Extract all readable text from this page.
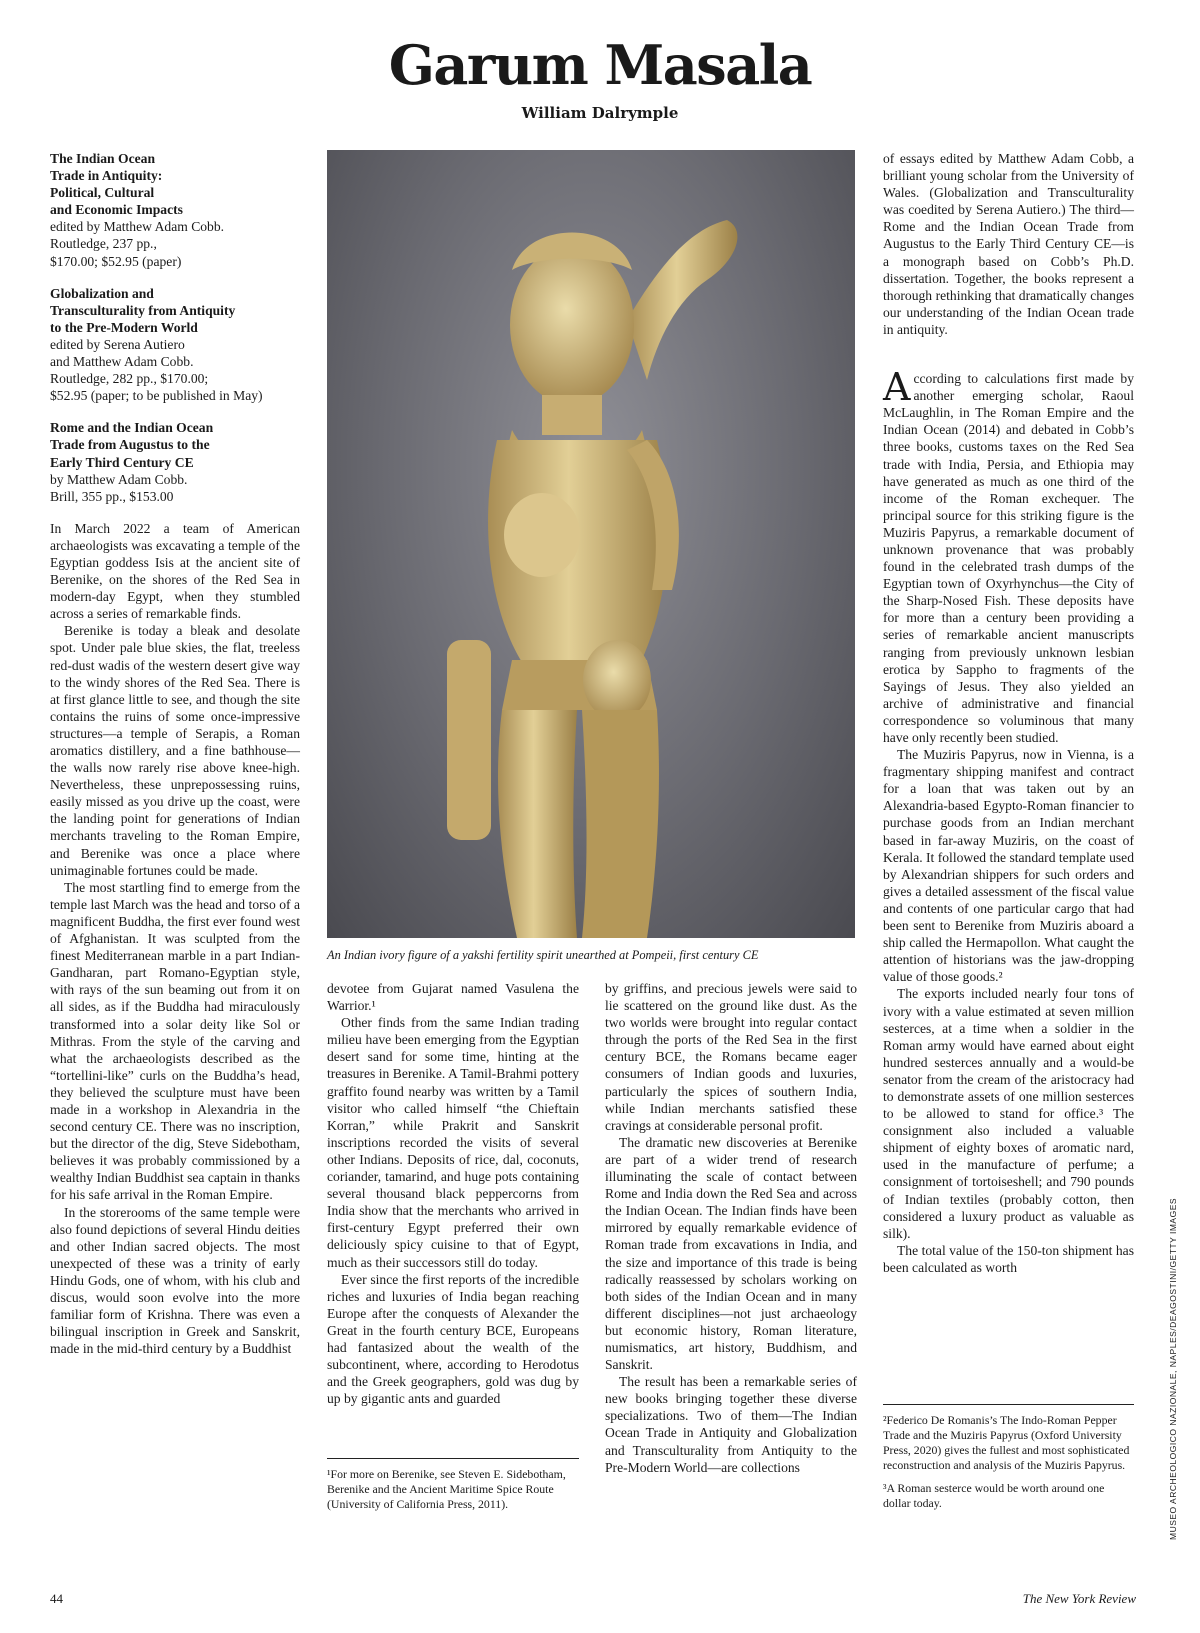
Garum Masala

William Dalrymple

The Indian Ocean
Trade in Antiquity:
Political, Cultural
and Economic Impacts
edited by Matthew Adam Cobb.
Routledge, 237 pp.,
$170.00; $52.95 (paper)
Globalization and
Transculturality from Antiquity
to the Pre-Modern World
edited by Serena Autiero
and Matthew Adam Cobb.
Routledge, 282 pp., $170.00;
$52.95 (paper; to be published in May)
Rome and the Indian Ocean
Trade from Augustus to the
Early Third Century CE
by Matthew Adam Cobb.
Brill, 355 pp., $153.00

In March 2022 a team of American archaeologists was excavating a temple of the Egyptian goddess Isis at the ancient site of Berenike, on the shores of the Red Sea in modern-day Egypt, when they stumbled across a series of remarkable finds.

Berenike is today a bleak and desolate spot. Under pale blue skies, the flat, treeless red-dust wadis of the western desert give way to the windy shores of the Red Sea. There is at first glance little to see, and though the site contains the ruins of some once-impressive structures—a temple of Serapis, a Roman aromatics distillery, and a fine bathhouse—the walls now rarely rise above knee-high. Nevertheless, these unprepossessing ruins, easily missed as you drive up the coast, were the landing point for generations of Indian merchants traveling to the Roman Empire, and Berenike was once a place where unimaginable fortunes could be made.

The most startling find to emerge from the temple last March was the head and torso of a magnificent Buddha, the first ever found west of Afghanistan. It was sculpted from the finest Mediterranean marble in a part Indian-Gandharan, part Romano-Egyptian style, with rays of the sun beaming out from it on all sides, as if the Buddha had miraculously transformed into a solar deity like Sol or Mithras. From the style of the carving and what the archaeologists described as the “tortellini-like” curls on the Buddha’s head, they believed the sculpture must have been made in a workshop in Alexandria in the second century CE. There was no inscription, but the director of the dig, Steve Sidebotham, believes it was probably commissioned by a wealthy Indian Buddhist sea captain in thanks for his safe arrival in the Roman Empire.

In the storerooms of the same temple were also found depictions of several Hindu deities and other Indian sacred objects. The most unexpected of these was a trinity of early Hindu Gods, one of whom, with his club and discus, would soon evolve into the more familiar form of Krishna. There was even a bilingual inscription in Greek and Sanskrit, made in the mid-third century by a Buddhist

An Indian ivory figure of a yakshi fertility spirit unearthed at Pompeii, first century CE

devotee from Gujarat named Vasulena the Warrior.¹

Other finds from the same Indian trading milieu have been emerging from the Egyptian desert sand for some time, hinting at the treasures in Berenike. A Tamil-Brahmi pottery graffito found nearby was written by a Tamil visitor who called himself “the Chieftain Korran,” while Prakrit and Sanskrit inscriptions recorded the visits of several other Indians. Deposits of rice, dal, coconuts, coriander, tamarind, and huge pots containing several thousand black peppercorns from India show that the merchants who arrived in first-century Egypt preferred their own deliciously spicy cuisine to that of Egypt, much as their successors still do today.

Ever since the first reports of the incredible riches and luxuries of India began reaching Europe after the conquests of Alexander the Great in the fourth century BCE, Europeans had fantasized about the wealth of the subcontinent, where, according to Herodotus and the Greek geographers, gold was dug by up by gigantic ants and guarded

¹For more on Berenike, see Steven E. Sidebotham, Berenike and the Ancient Maritime Spice Route (University of California Press, 2011).

by griffins, and precious jewels were said to lie scattered on the ground like dust. As the two worlds were brought into regular contact through the ports of the Red Sea in the first century BCE, the Romans became eager consumers of Indian goods and luxuries, particularly the spices of southern India, while Indian merchants satisfied these cravings at considerable personal profit.

The dramatic new discoveries at Berenike are part of a wider trend of research illuminating the scale of contact between Rome and India down the Red Sea and across the Indian Ocean. The Indian finds have been mirrored by equally remarkable evidence of Roman trade from excavations in India, and the size and importance of this trade is being radically reassessed by scholars working on both sides of the Indian Ocean and in many different disciplines—not just archaeology but economic history, Roman literature, numismatics, art history, Buddhism, and Sanskrit.

The result has been a remarkable series of new books bringing together these diverse specializations. Two of them—The Indian Ocean Trade in Antiquity and Globalization and Transculturality from Antiquity to the Pre-Modern World—are collections

of essays edited by Matthew Adam Cobb, a brilliant young scholar from the University of Wales. (Globalization and Transculturality was coedited by Serena Autiero.) The third—Rome and the Indian Ocean Trade from Augustus to the Early Third Century CE—is a monograph based on Cobb’s Ph.D. dissertation. Together, the books represent a thorough rethinking that dramatically changes our understanding of the Indian Ocean trade in antiquity.

According to calculations first made by another emerging scholar, Raoul McLaughlin, in The Roman Empire and the Indian Ocean (2014) and debated in Cobb’s three books, customs taxes on the Red Sea trade with India, Persia, and Ethiopia may have generated as much as one third of the income of the Roman exchequer. The principal source for this striking figure is the Muziris Papyrus, a remarkable document of unknown provenance that was probably found in the celebrated trash dumps of the Egyptian town of Oxyrhynchus—the City of the Sharp-Nosed Fish. These deposits have for more than a century been providing a series of remarkable ancient manuscripts ranging from previously unknown lesbian erotica by Sappho to fragments of the Sayings of Jesus. They also yielded an archive of administrative and financial correspondence so voluminous that many have only recently been studied.

The Muziris Papyrus, now in Vienna, is a fragmentary shipping manifest and contract for a loan that was taken out by an Alexandria-based Egypto-Roman financier to purchase goods from an Indian merchant based in far-away Muziris, on the coast of Kerala. It followed the standard template used by Alexandrian shippers for such orders and gives a detailed assessment of the fiscal value and contents of one particular cargo that had been sent to Berenike from Muziris aboard a ship called the Hermapollon. What caught the attention of historians was the jaw-dropping value of those goods.²

The exports included nearly four tons of ivory with a value estimated at seven million sesterces, at a time when a soldier in the Roman army would have earned about eight hundred sesterces annually and a would-be senator from the cream of the aristocracy had to demonstrate assets of one million sesterces to be allowed to stand for office.³ The consignment also included a valuable shipment of eighty boxes of aromatic nard, used in the manufacture of perfume; a consignment of tortoiseshell; and 790 pounds of Indian textiles (probably cotton, then considered a luxury product as valuable as silk).

The total value of the 150-ton shipment has been calculated as worth

²Federico De Romanis’s The Indo-Roman Pepper Trade and the Muziris Papyrus (Oxford University Press, 2020) gives the fullest and most sophisticated reconstruction and analysis of the Muziris Papyrus.

³A Roman sesterce would be worth around one dollar today.	MUSEO ARCHEOLOGICO NAZIONALE, NAPLES/DEAGOSTINI/GETTY IMAGES

44	The New York Review
